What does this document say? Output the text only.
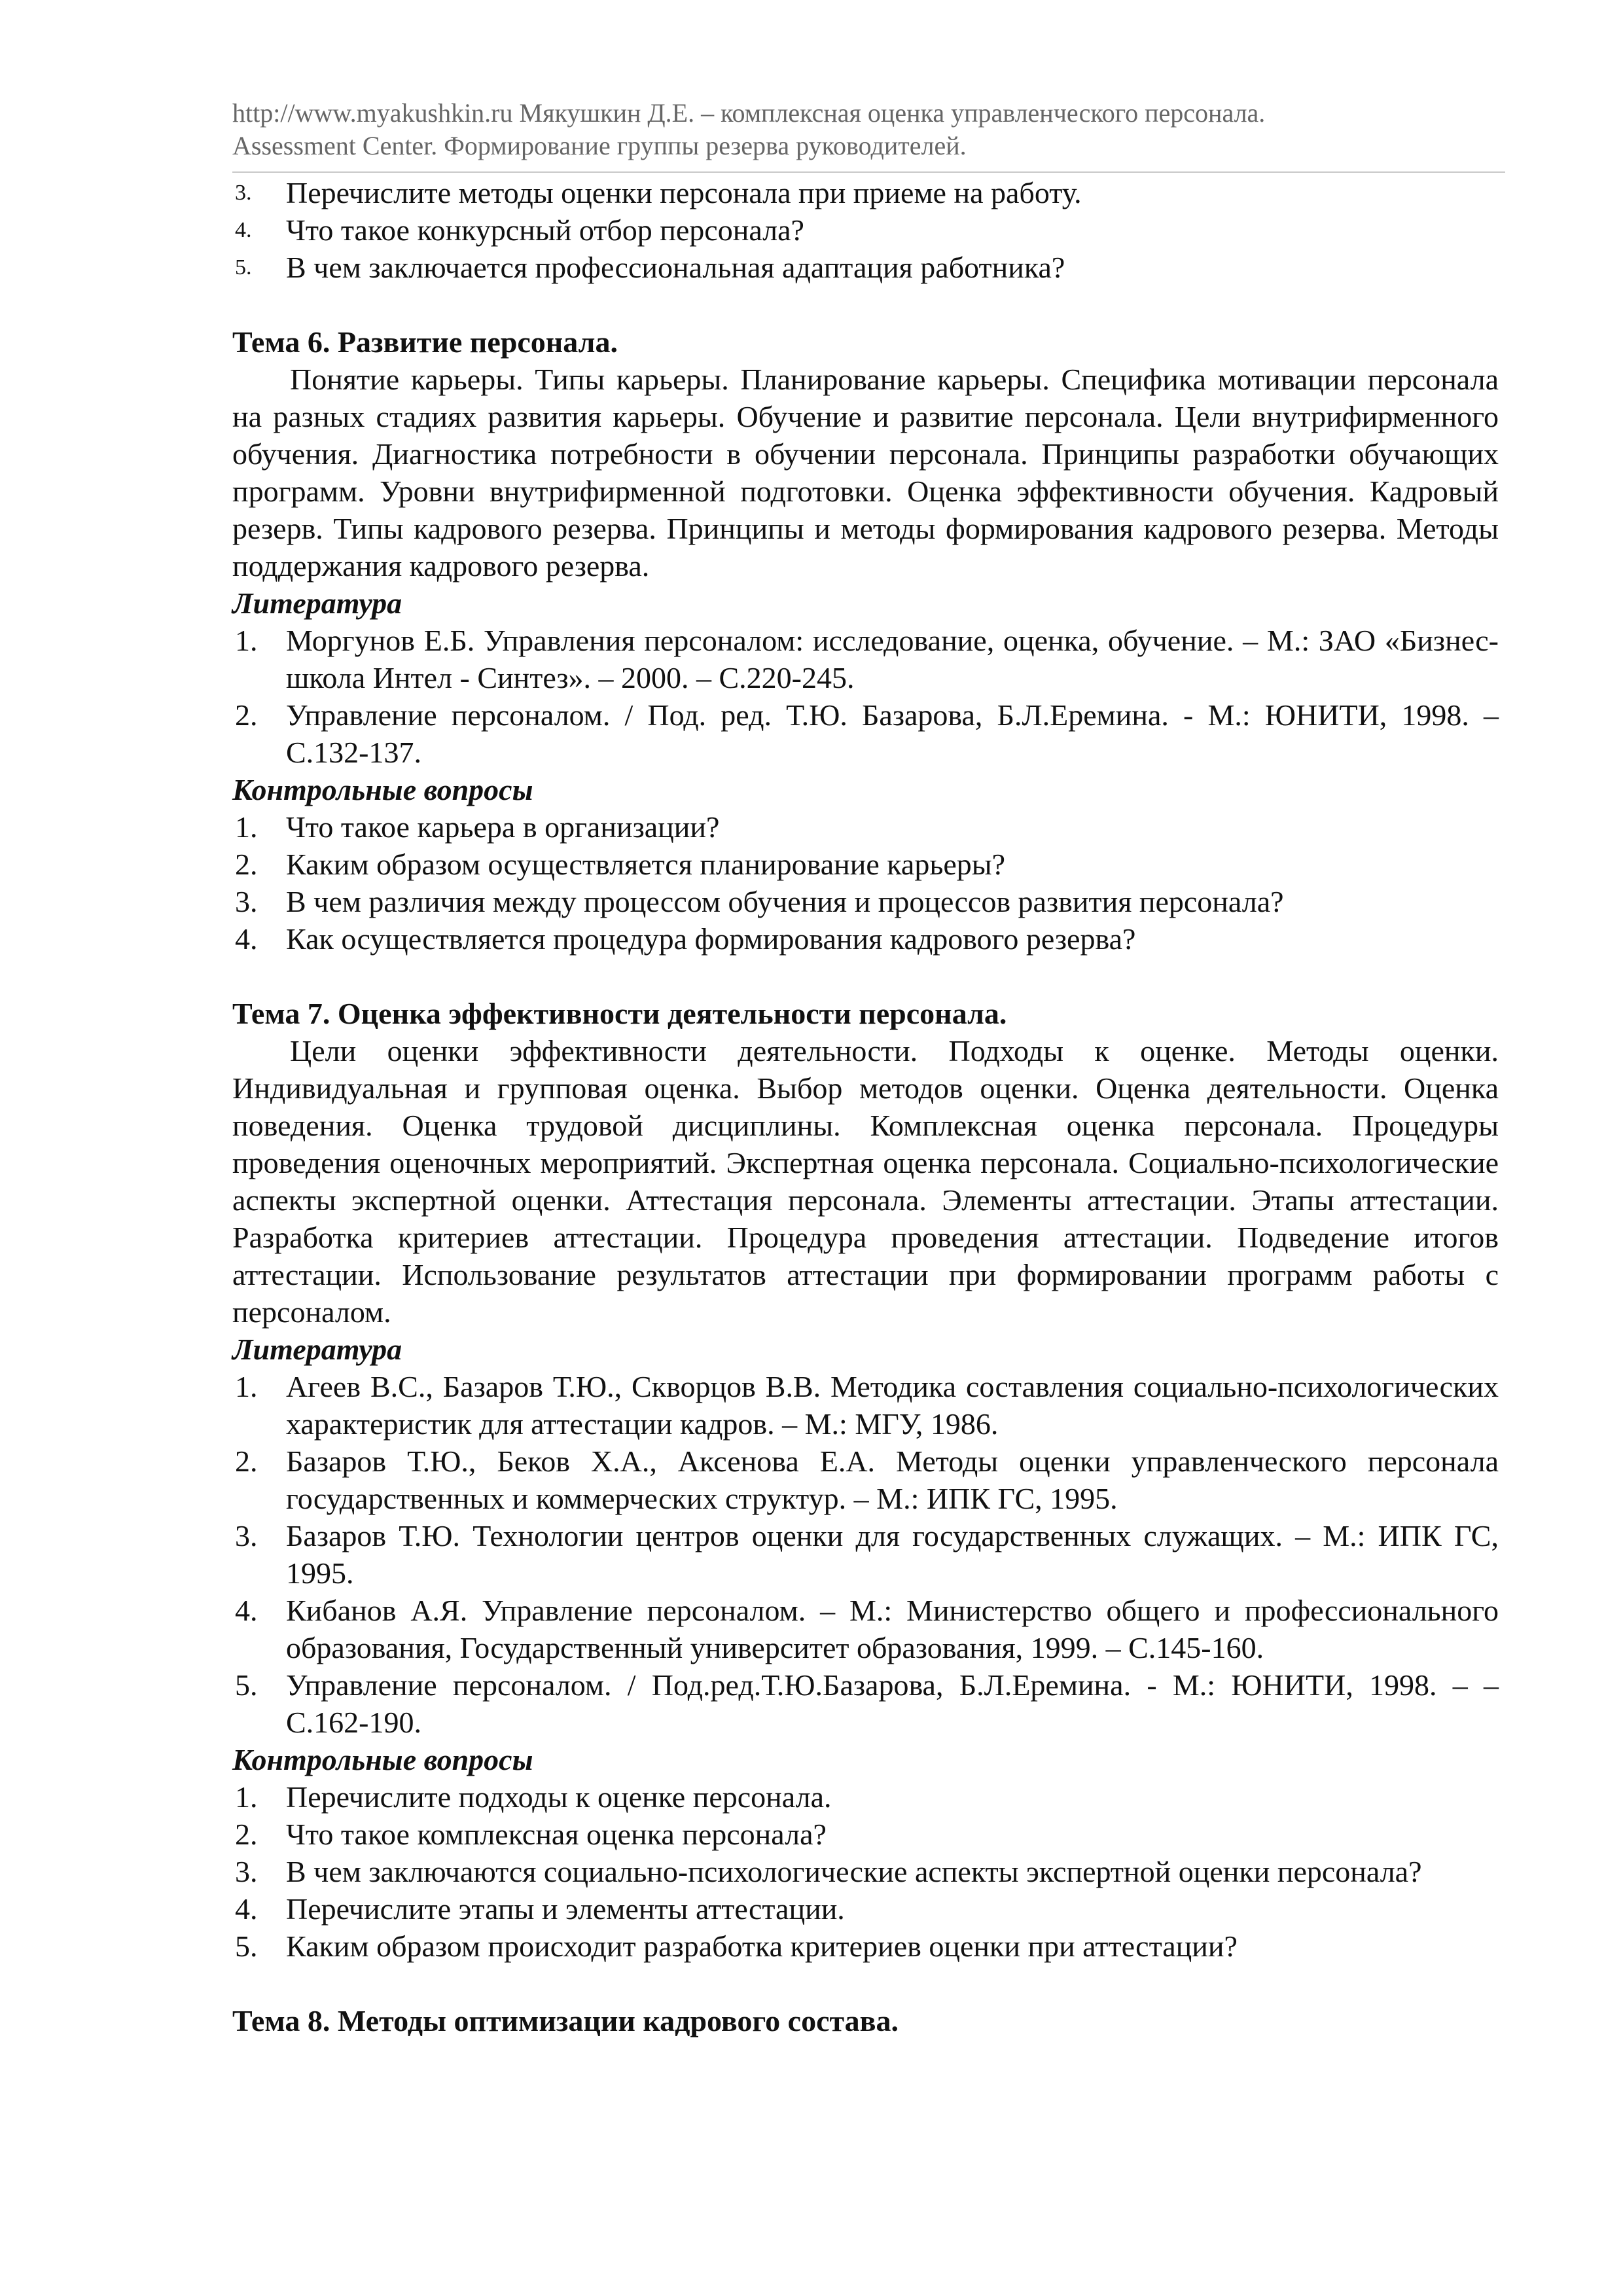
http://www.myakushkin.ru Мякушкин Д.Е. – комплексная оценка управленческого персонала.
Assessment Center. Формирование группы резерва руководителей.
3. Перечислите методы оценки персонала при приеме на работу.
4. Что такое конкурсный отбор персонала?
5. В чем заключается профессиональная адаптация работника?
Тема 6. Развитие персонала.
Понятие карьеры. Типы карьеры. Планирование карьеры. Специфика мотивации персонала на разных стадиях развития карьеры. Обучение и развитие персонала. Цели внутрифирменного обучения. Диагностика потребности в обучении персонала. Принципы разработки обучающих программ. Уровни внутрифирменной подготовки. Оценка эффективности обучения. Кадровый резерв. Типы кадрового резерва. Принципы и методы формирования кадрового резерва. Методы поддержания кадрового резерва.
Литература
1. Моргунов Е.Б. Управления персоналом: исследование, оценка, обучение. – М.: ЗАО «Бизнес-школа Интел - Синтез». – 2000. – С.220-245.
2. Управление персоналом. / Под. ред. Т.Ю. Базарова, Б.Л.Еремина. - М.: ЮНИТИ, 1998. – С.132-137.
Контрольные вопросы
1. Что такое карьера в организации?
2. Каким образом осуществляется планирование карьеры?
3. В чем различия между процессом обучения и процессов развития персонала?
4. Как осуществляется процедура формирования кадрового резерва?
Тема 7. Оценка эффективности деятельности персонала.
Цели оценки эффективности деятельности. Подходы к оценке. Методы оценки. Индивидуальная и групповая оценка. Выбор методов оценки. Оценка деятельности. Оценка поведения. Оценка трудовой дисциплины. Комплексная оценка персонала. Процедуры проведения оценочных мероприятий. Экспертная оценка персонала. Социально-психологические аспекты экспертной оценки. Аттестация персонала. Элементы аттестации. Этапы аттестации. Разработка критериев аттестации. Процедура проведения аттестации. Подведение итогов аттестации. Использование результатов аттестации при формировании программ работы с персоналом.
Литература
1. Агеев В.С., Базаров Т.Ю., Скворцов В.В. Методика составления социально-психологических характеристик для аттестации кадров. – М.: МГУ, 1986.
2. Базаров Т.Ю., Беков Х.А., Аксенова Е.А. Методы оценки управленческого персонала государственных и коммерческих структур. – М.: ИПК ГС, 1995.
3. Базаров Т.Ю. Технологии центров оценки для государственных служащих. – М.: ИПК ГС, 1995.
4. Кибанов А.Я. Управление персоналом. – М.: Министерство общего и профессионального образования, Государственный университет образования, 1999. – С.145-160.
5. Управление персоналом. / Под.ред.Т.Ю.Базарова, Б.Л.Еремина. - М.: ЮНИТИ, 1998. – – С.162-190.
Контрольные вопросы
1. Перечислите подходы к оценке персонала.
2. Что такое комплексная оценка персонала?
3. В чем заключаются социально-психологические аспекты экспертной оценки персонала?
4. Перечислите этапы и элементы аттестации.
5. Каким образом происходит разработка критериев оценки при аттестации?
Тема 8. Методы оптимизации кадрового состава.
